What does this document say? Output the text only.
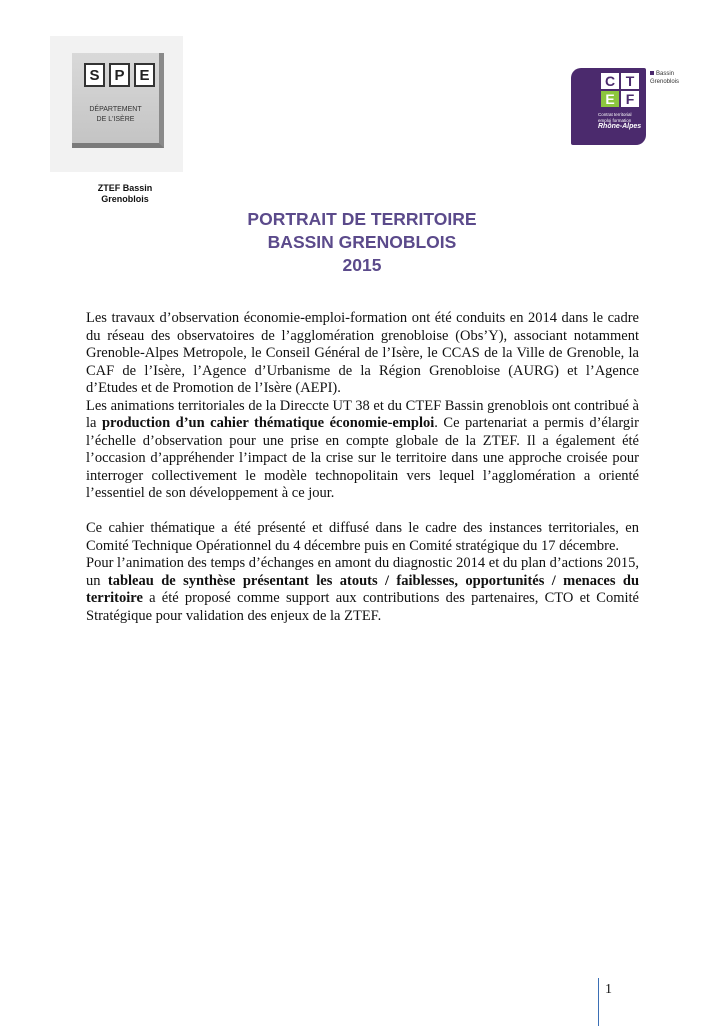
S P E
DÉPARTEMENT
DE L'ISÈRE
ZTEF Bassin
Grenoblois
C T
E F
Contrat territorial
emploi formation
Rhône-Alpes
Bassin
Grenoblois
PORTRAIT DE TERRITOIRE
BASSIN GRENOBLOIS
2015

Les travaux d’observation économie-emploi-formation ont été conduits en 2014 dans le cadre du réseau des observatoires de l’agglomération grenobloise (Obs’Y), associant notamment Grenoble-Alpes Metropole, le Conseil Général de l’Isère, le CCAS de la Ville de Grenoble, la CAF de l’Isère, l’Agence d’Urbanisme de la Région Grenobloise (AURG) et l’Agence d’Etudes et de Promotion de l’Isère (AEPI).

Les animations territoriales de la Direccte UT 38 et du CTEF Bassin grenoblois ont contribué à la production d’un cahier thématique économie-emploi. Ce partenariat a permis d’élargir l’échelle d’observation pour une prise en compte globale de la ZTEF. Il a également été l’occasion d’appréhender l’impact de la crise sur le territoire dans une approche croisée pour interroger collectivement le modèle technopolitain vers lequel l’agglomération a orienté l’essentiel de son développement à ce jour.

Ce cahier thématique a été présenté et diffusé dans le cadre des instances territoriales, en Comité Technique Opérationnel du 4 décembre puis en Comité stratégique du 17 décembre.

Pour l’animation des temps d’échanges en amont du diagnostic 2014 et du plan d’actions 2015, un tableau de synthèse présentant les atouts / faiblesses, opportunités / menaces du territoire a été proposé comme support aux contributions des partenaires, CTO et Comité Stratégique pour validation des enjeux de la ZTEF.

1
